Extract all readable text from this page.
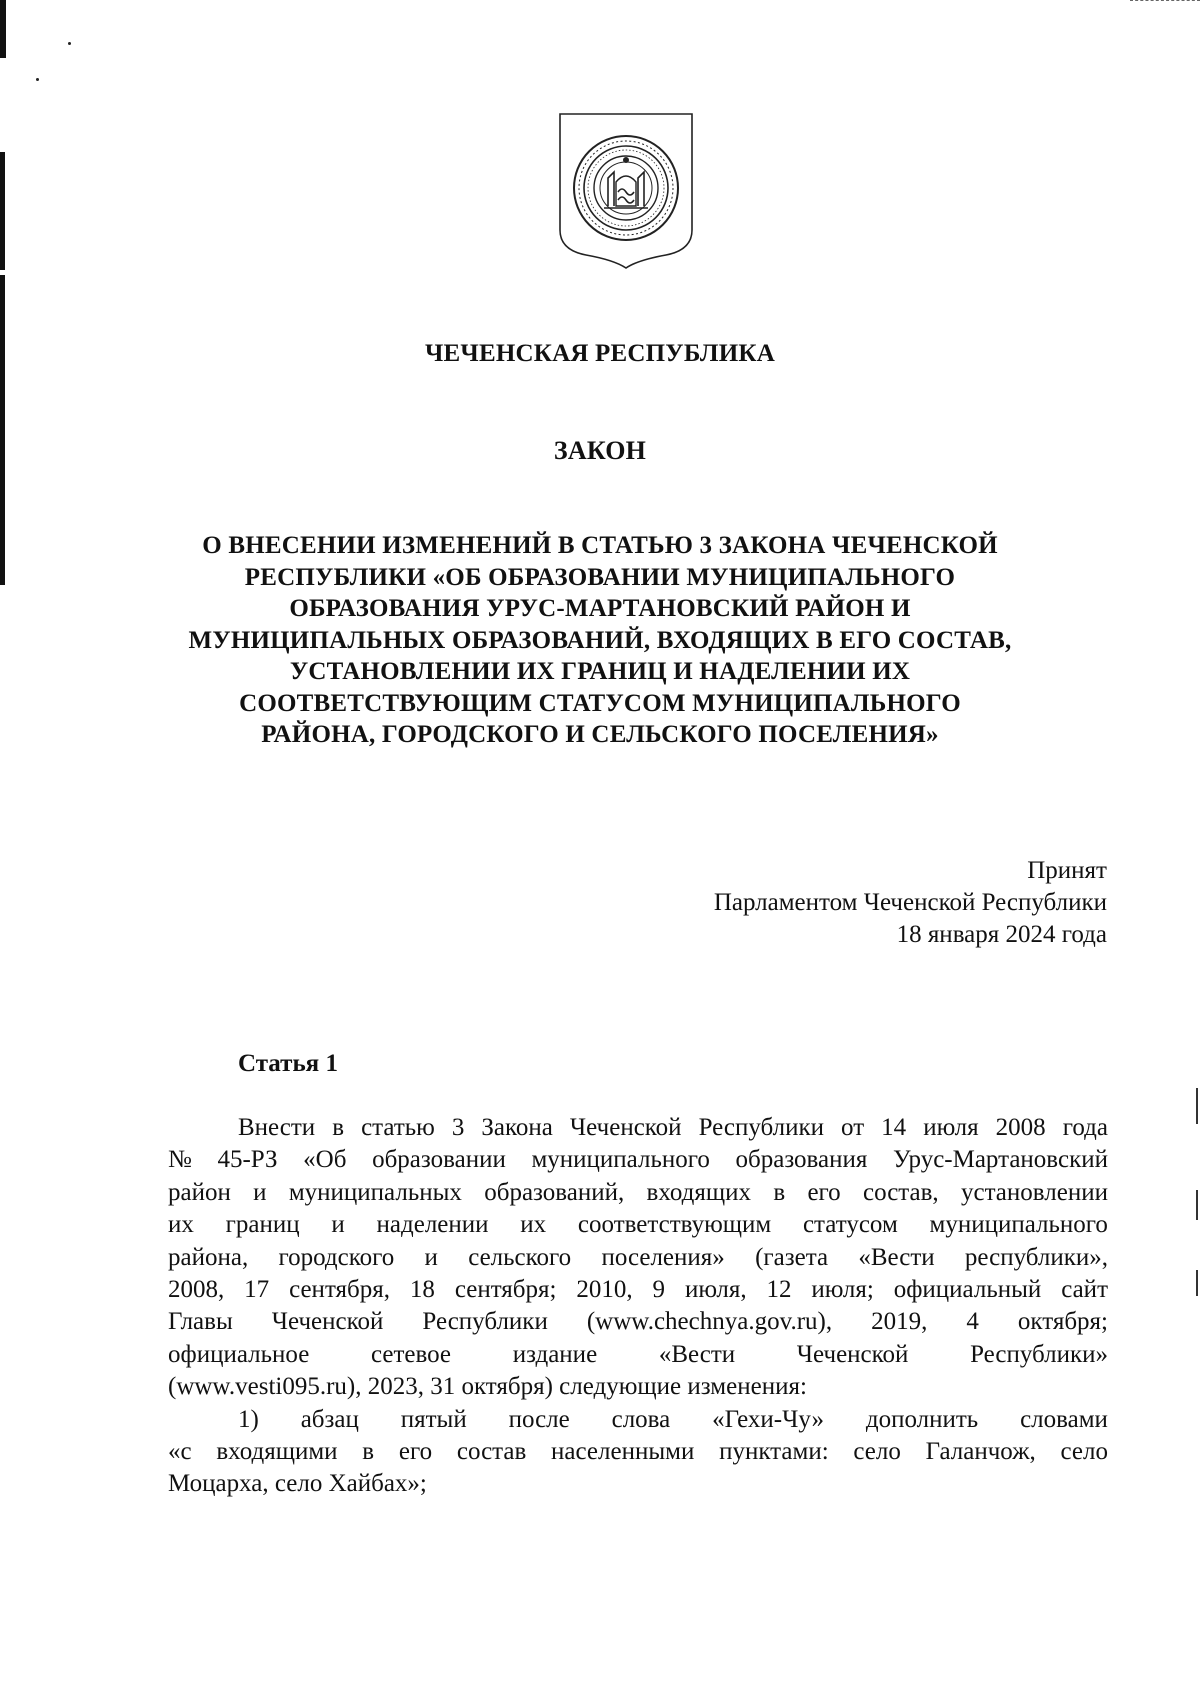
ЧЕЧЕНСКАЯ РЕСПУБЛИКА
ЗАКОН
О ВНЕСЕНИИ ИЗМЕНЕНИЙ В СТАТЬЮ 3 ЗАКОНА ЧЕЧЕНСКОЙ
РЕСПУБЛИКИ «ОБ ОБРАЗОВАНИИ МУНИЦИПАЛЬНОГО
ОБРАЗОВАНИЯ УРУС-МАРТАНОВСКИЙ РАЙОН И
МУНИЦИПАЛЬНЫХ ОБРАЗОВАНИЙ, ВХОДЯЩИХ В ЕГО СОСТАВ,
УСТАНОВЛЕНИИ ИХ ГРАНИЦ И НАДЕЛЕНИИ ИХ
СООТВЕТСТВУЮЩИМ СТАТУСОМ МУНИЦИПАЛЬНОГО
РАЙОНА, ГОРОДСКОГО И СЕЛЬСКОГО ПОСЕЛЕНИЯ»
Принят
Парламентом Чеченской Республики
18 января 2024 года
Статья 1
Внести в статью 3 Закона Чеченской Республики от 14 июля 2008 года
№ 45-РЗ «Об образовании муниципального образования Урус-Мартановский
район и муниципальных образований, входящих в его состав, установлении
их границ и наделении их соответствующим статусом муниципального
района, городского и сельского поселения» (газета «Вести республики»,
2008, 17 сентября, 18 сентября; 2010, 9 июля, 12 июля; официальный сайт
Главы Чеченской Республики (www.chechnya.gov.ru), 2019, 4 октября;
официальное сетевое издание «Вести Чеченской Республики»
(www.vesti095.ru), 2023, 31 октября) следующие изменения:
1) абзац пятый после слова «Гехи-Чу» дополнить словами
«с входящими в его состав населенными пунктами: село Галанчож, село
Моцарха, село Хайбах»;
